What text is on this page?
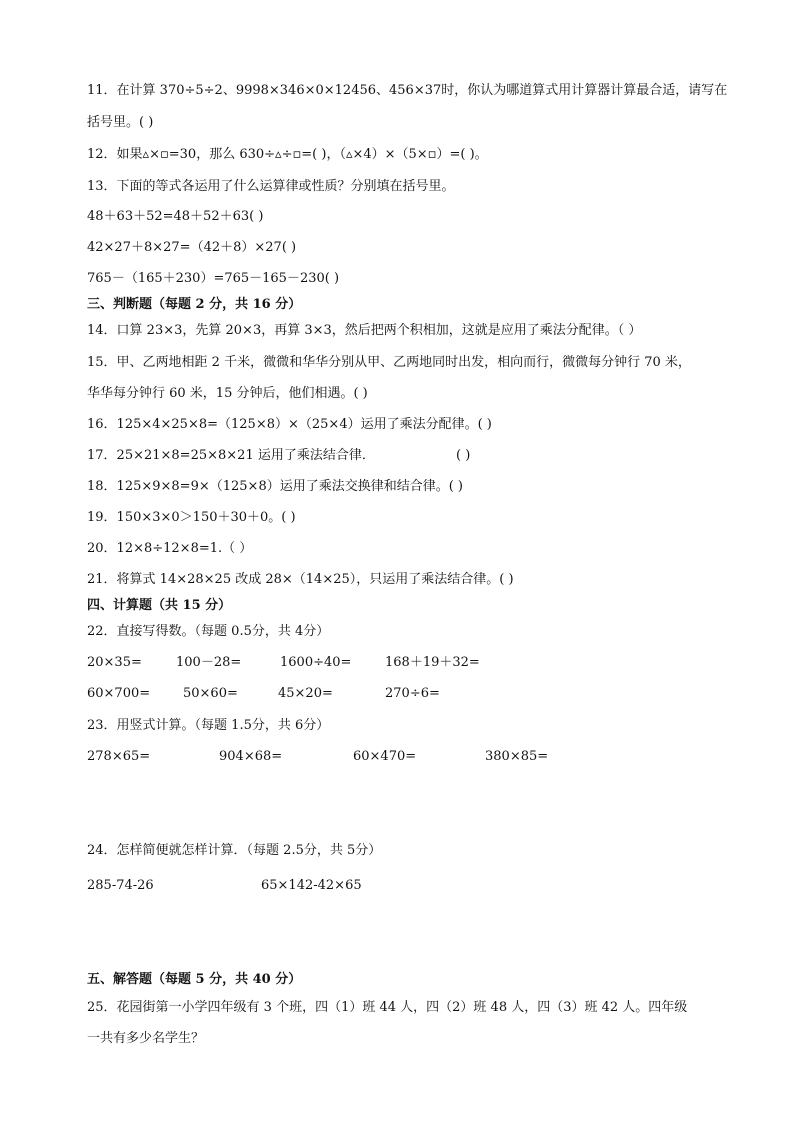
11．在计算 370÷5÷2、9998×346×0×12456、456×37时，你认为哪道算式用计算器计算最合适，请写在
括号里。( )
12．如果▵×▫=30，那么 630÷▵÷▫=( )，（▵×4）×（5×▫）=( )。
13．下面的等式各运用了什么运算律或性质？分别填在括号里。
48＋63＋52=48＋52＋63( )
42×27＋8×27=（42＋8）×27( )
765－（165＋230）=765－165－230( )
三、判断题（每题 2 分，共 16 分）
14．口算 23×3，先算 20×3，再算 3×3，然后把两个积相加，这就是应用了乘法分配律。（ ）
15．甲、乙两地相距 2 千米，微微和华华分别从甲、乙两地同时出发，相向而行，微微每分钟行 70 米，
华华每分钟行 60 米，15 分钟后，他们相遇。( )
16．125×4×25×8=（125×8）×（25×4）运用了乘法分配律。( )
17．25×21×8=25×8×21 运用了乘法结合律．	( )
18．125×9×8=9×（125×8）运用了乘法交换律和结合律。( )
19．150×3×0＞150＋30＋0。( )
20．12×8÷12×8=1.（ ）
21．将算式 14×28×25 改成 28×（14×25），只运用了乘法结合律。( )
四、计算题（共 15 分）
22．直接写得数。（每题 0.5分，共 4分）
20×35=	100－28=	1600÷40=	168＋19＋32=
60×700=	50×60=	45×20=	270÷6=
23．用竖式计算。（每题 1.5分，共 6分）
278×65=	904×68=	60×470=	380×85=
24．怎样简便就怎样计算．（每题 2.5分，共 5分）
285-74-26	65×142-42×65
五、解答题（每题 5 分，共 40 分）
25．花园街第一小学四年级有 3 个班，四（1）班 44 人，四（2）班 48 人，四（3）班 42 人。四年级
一共有多少名学生？
